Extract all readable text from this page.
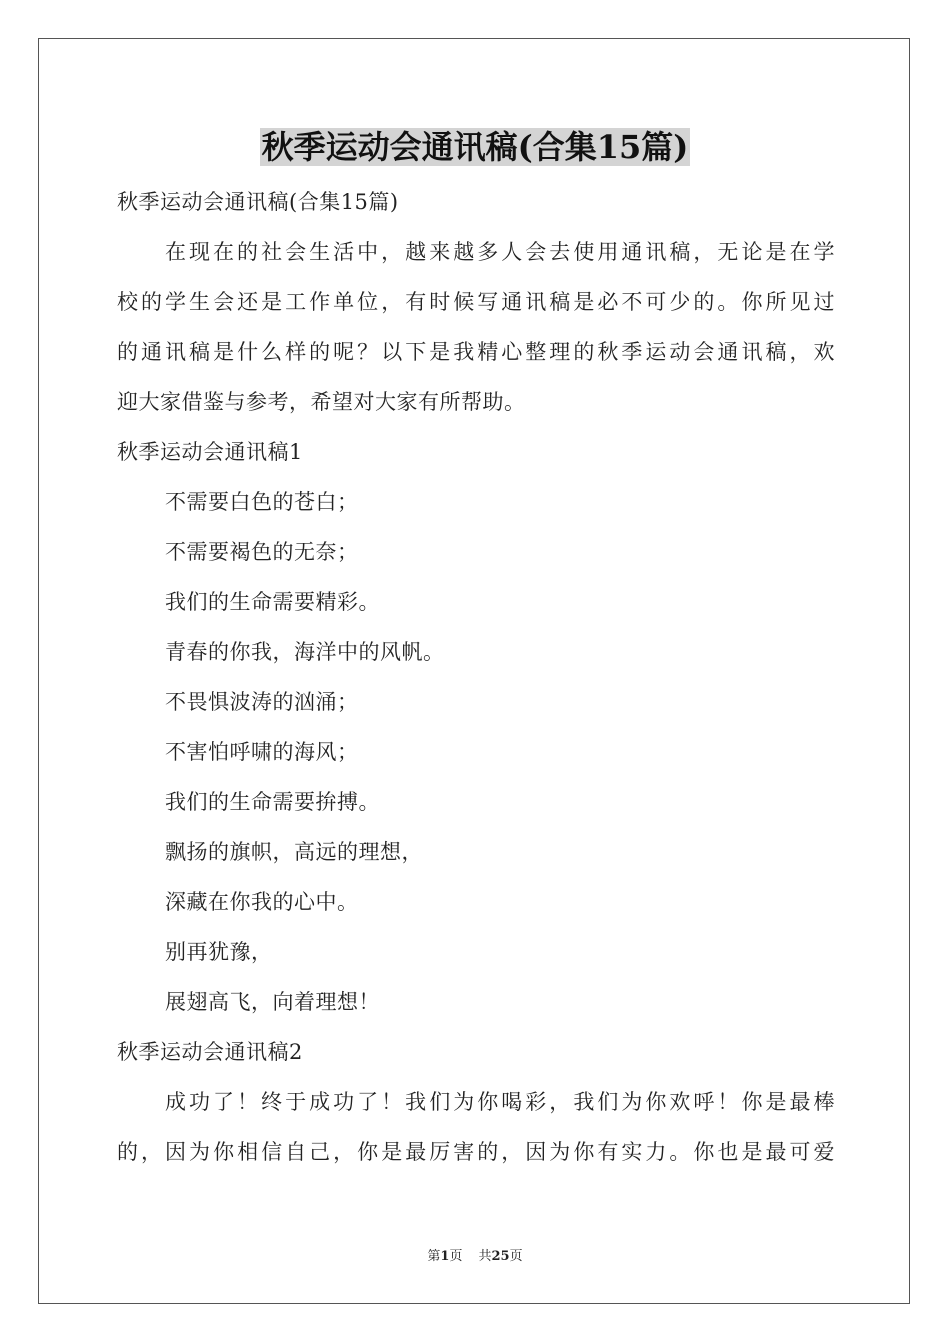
秋季运动会通讯稿(合集15篇)
秋季运动会通讯稿(合集15篇)
在现在的社会生活中，越来越多人会去使用通讯稿，无论是在学
校的学生会还是工作单位，有时候写通讯稿是必不可少的。你所见过
的通讯稿是什么样的呢？以下是我精心整理的秋季运动会通讯稿，欢
迎大家借鉴与参考，希望对大家有所帮助。
秋季运动会通讯稿1
不需要白色的苍白；
不需要褐色的无奈；
我们的生命需要精彩。
青春的你我，海洋中的风帆。
不畏惧波涛的汹涌；
不害怕呼啸的海风；
我们的生命需要拚搏。
飘扬的旗帜，高远的理想，
深藏在你我的心中。
别再犹豫，
展翅高飞，向着理想！
秋季运动会通讯稿2
成功了！终于成功了！我们为你喝彩，我们为你欢呼！你是最棒
的，因为你相信自己，你是最厉害的，因为你有实力。你也是最可爱
第1页 共25页
